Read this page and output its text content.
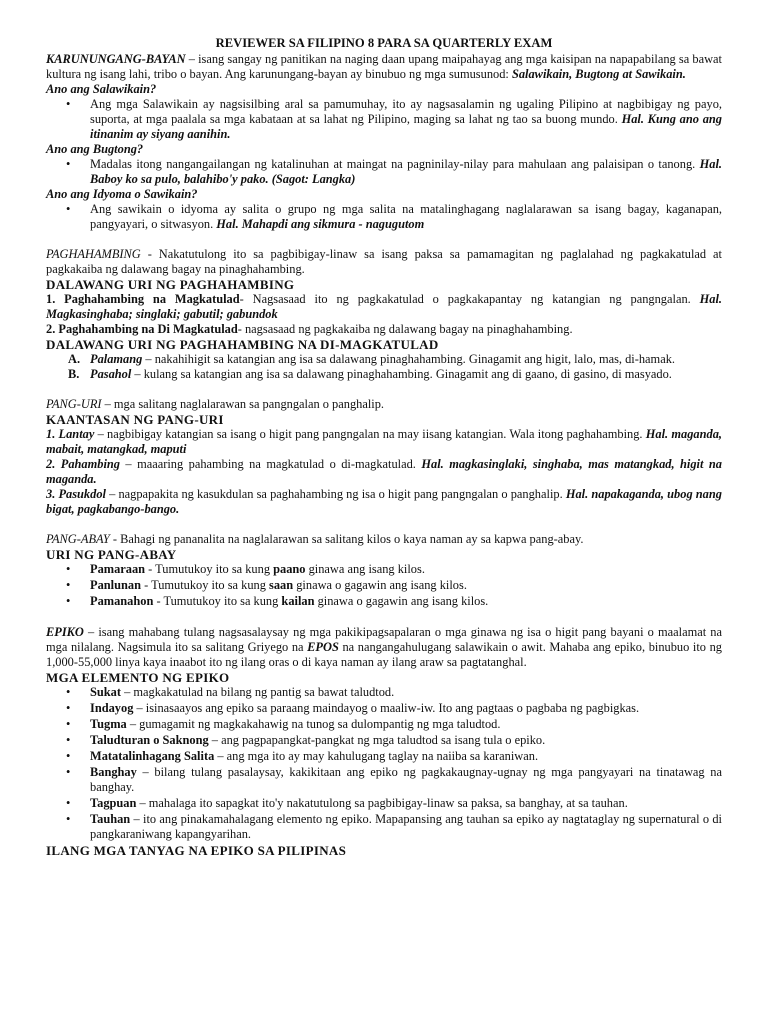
REVIEWER SA FILIPINO 8 PARA SA QUARTERLY EXAM

KARUNUNGANG-BAYAN – isang sangay ng panitikan na naging daan upang maipahayag ang mga kaisipan na napapabilang sa bawat kultura ng isang lahi, tribo o bayan. Ang karunungang-bayan ay binubuo ng mga sumusunod: Salawikain, Bugtong at Sawikain.

Ano ang Salawikain?

• Ang mga Salawikain ay nagsisilbing aral sa pamumuhay, ito ay nagsasalamin ng ugaling Pilipino at nagbibigay ng payo, suporta, at mga paalala sa mga kabataan at sa lahat ng Pilipino, maging sa lahat ng tao sa buong mundo. Hal. Kung ano ang itinanim ay siyang aanihin.

Ano ang Bugtong?

• Madalas itong nangangailangan ng katalinuhan at maingat na pagninilay-nilay para mahulaan ang palaisipan o tanong. Hal. Baboy ko sa pulo, balahibo'y pako. (Sagot: Langka)

Ano ang Idyoma o Sawikain?

• Ang sawikain o idyoma ay salita o grupo ng mga salita na matalinghagang naglalarawan sa isang bagay, kaganapan, pangyayari, o sitwasyon. Hal. Mahapdi ang sikmura - nagugutom

PAGHAHAMBING - Nakatutulong ito sa pagbibigay-linaw sa isang paksa sa pamamagitan ng paglalahad ng pagkakatulad at pagkakaiba ng dalawang bagay na pinaghahambing.

DALAWANG URI NG PAGHAHAMBING

1. Paghahambing na Magkatulad- Nagsasaad ito ng pagkakatulad o pagkakapantay ng katangian ng pangngalan. Hal. Magkasinghaba; singlaki; gabutil; gabundok

2. Paghahambing na Di Magkatulad- nagsasaad ng pagkakaiba ng dalawang bagay na pinaghahambing.

DALAWANG URI NG PAGHAHAMBING NA DI-MAGKATULAD

A. Palamang – nakahihigit sa katangian ang isa sa dalawang pinaghahambing. Ginagamit ang higit, lalo, mas, di-hamak.
B. Pasahol – kulang sa katangian ang isa sa dalawang pinaghahambing. Ginagamit ang di gaano, di gasino, di masyado.

PANG-URI – mga salitang naglalarawan sa pangngalan o panghalip.

KAANTASAN NG PANG-URI

1. Lantay – nagbibigay katangian sa isang o higit pang pangngalan na may iisang katangian. Wala itong paghahambing. Hal. maganda, mabait, matangkad, maputi

2. Pahambing – maaaring pahambing na magkatulad o di-magkatulad. Hal. magkasinglaki, singhaba, mas matangkad, higit na maganda.

3. Pasukdol – nagpapakita ng kasukdulan sa paghahambing ng isa o higit pang pangngalan o panghalip. Hal. napakaganda, ubog nang bigat, pagkabango-bango.

PANG-ABAY - Bahagi ng pananalita na naglalarawan sa salitang kilos o kaya naman ay sa kapwa pang-abay.

URI NG PANG-ABAY

• Pamaraan - Tumutukoy ito sa kung paano ginawa ang isang kilos.
• Panlunan - Tumutukoy ito sa kung saan ginawa o gagawin ang isang kilos.
• Pamanahon - Tumutukoy ito sa kung kailan ginawa o gagawin ang isang kilos.

EPIKO – isang mahabang tulang nagsasalaysay ng mga pakikipagsapalaran o mga ginawa ng isa o higit pang bayani o maalamat na mga nilalang. Nagsimula ito sa salitang Griyego na EPOS na nangangahulugang salawikain o awit. Mahaba ang epiko, binubuo ito ng 1,000-55,000 linya kaya inaabot ito ng ilang oras o di kaya naman ay ilang araw sa pagtatanghal.

MGA ELEMENTO NG EPIKO

• Sukat – magkakatulad na bilang ng pantig sa bawat taludtod.
• Indayog – isinasaayos ang epiko sa paraang maindayog o maaliw-iw. Ito ang pagtaas o pagbaba ng pagbigkas.
• Tugma – gumagamit ng magkakahawig na tunog sa dulompantig ng mga taludtod.
• Taludturan o Saknong – ang pagpapangkat-pangkat ng mga taludtod sa isang tula o epiko.
• Matatalinhagang Salita – ang mga ito ay may kahulugang taglay na naiiba sa karaniwan.
• Banghay – bilang tulang pasalaysay, kakikitaan ang epiko ng pagkakaugnay-ugnay ng mga pangyayari na tinatawag na banghay.
• Tagpuan – mahalaga ito sapagkat ito'y nakatutulong sa pagbibigay-linaw sa paksa, sa banghay, at sa tauhan.
• Tauhan – ito ang pinakamahalagang elemento ng epiko. Mapapansing ang tauhan sa epiko ay nagtataglay ng supernatural o di pangkaraniwang kapangyarihan.

ILANG MGA TANYAG NA EPIKO SA PILIPINAS
